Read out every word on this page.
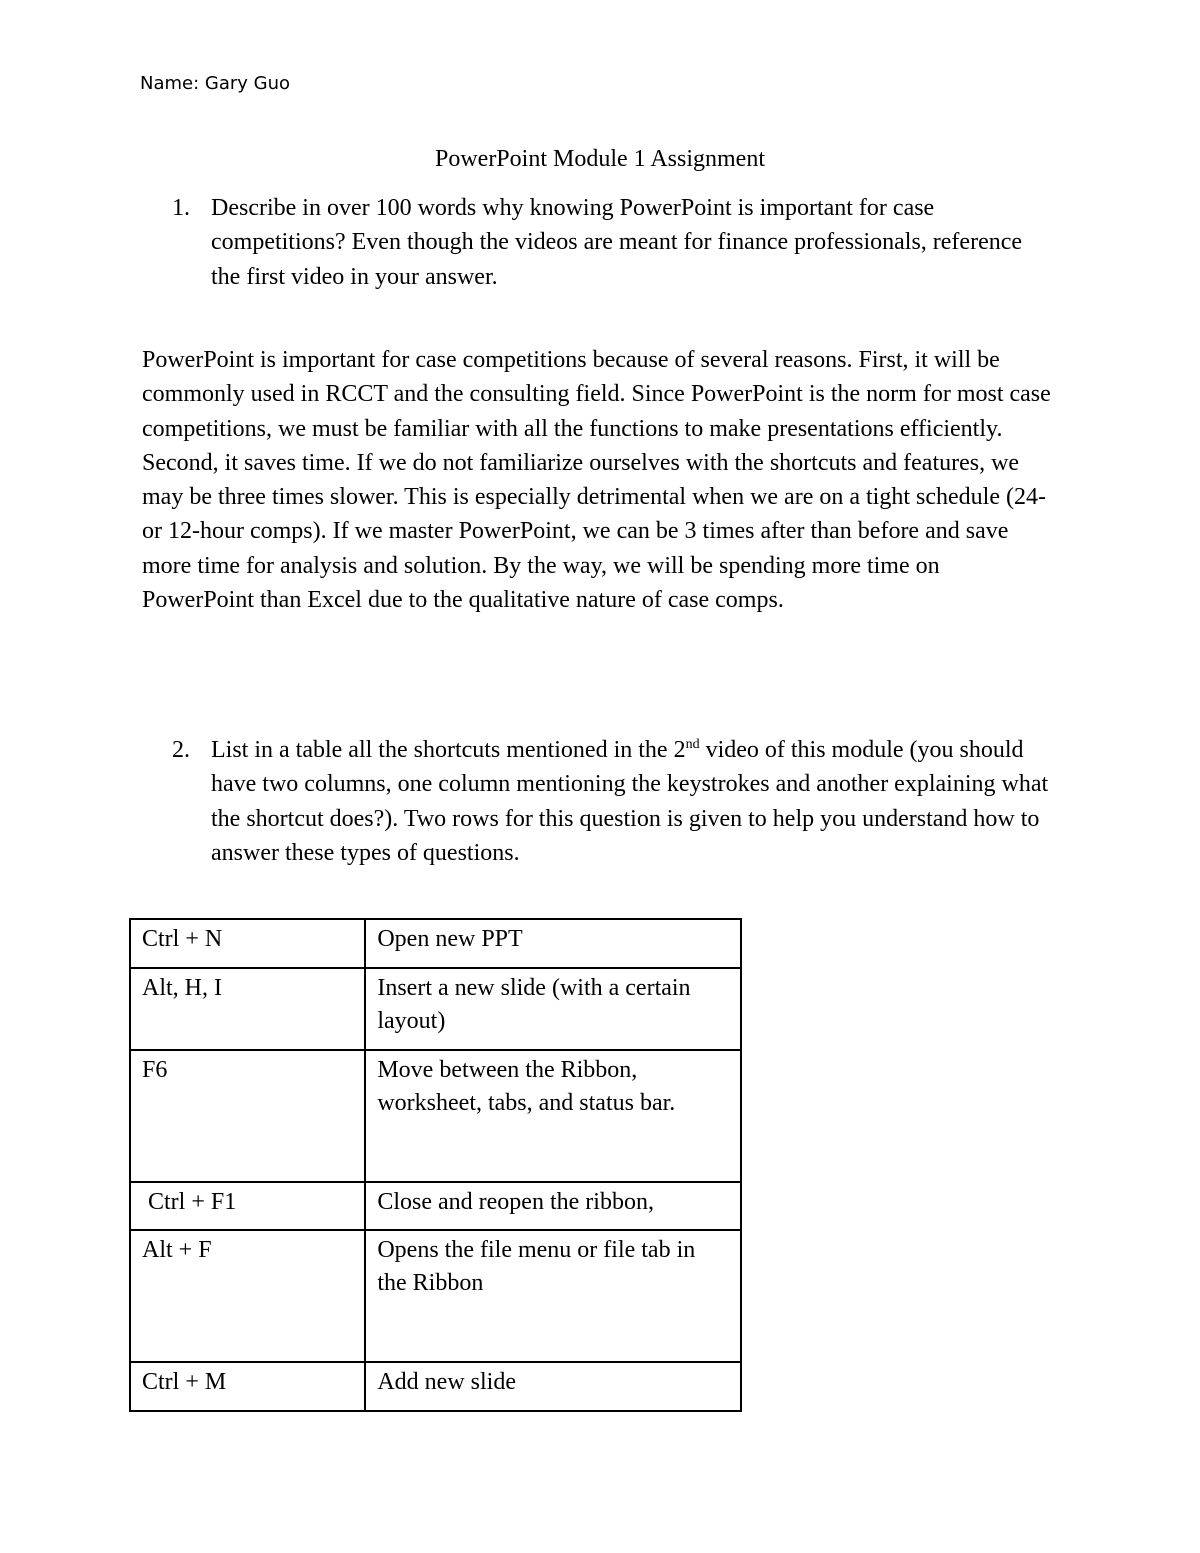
Name: Gary Guo
PowerPoint Module 1 Assignment
1. Describe in over 100 words why knowing PowerPoint is important for case competitions? Even though the videos are meant for finance professionals, reference the first video in your answer.
PowerPoint is important for case competitions because of several reasons. First, it will be commonly used in RCCT and the consulting field. Since PowerPoint is the norm for most case competitions, we must be familiar with all the functions to make presentations efficiently. Second, it saves time. If we do not familiarize ourselves with the shortcuts and features, we may be three times slower. This is especially detrimental when we are on a tight schedule (24- or 12-hour comps). If we master PowerPoint, we can be 3 times after than before and save more time for analysis and solution. By the way, we will be spending more time on PowerPoint than Excel due to the qualitative nature of case comps.
2. List in a table all the shortcuts mentioned in the 2nd video of this module (you should have two columns, one column mentioning the keystrokes and another explaining what the shortcut does?). Two rows for this question is given to help you understand how to answer these types of questions.
Ctrl + N	Open new PPT
Alt, H, I	Insert a new slide (with a certain layout)
F6	Move between the Ribbon, worksheet, tabs, and status bar.
Ctrl + F1	Close and reopen the ribbon,
Alt + F	Opens the file menu or file tab in the Ribbon
Ctrl + M	Add new slide
